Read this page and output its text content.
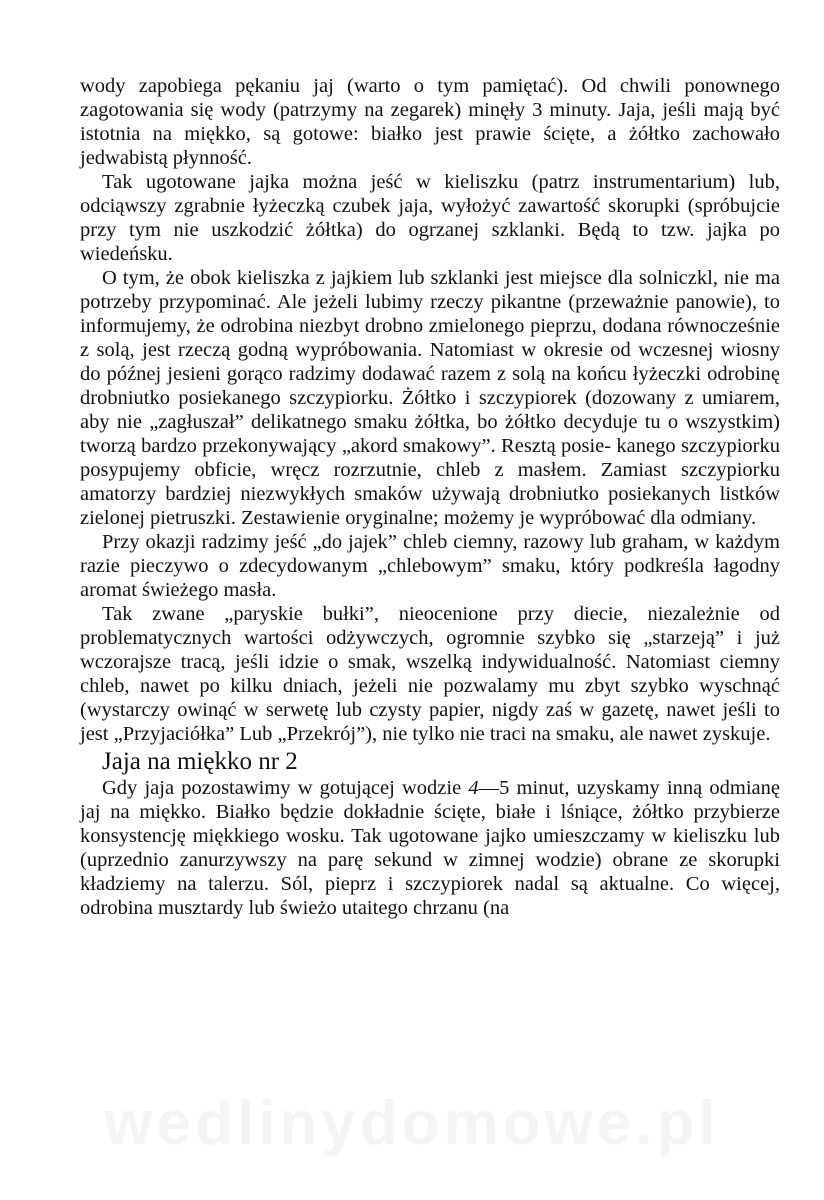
wody zapobiega pękaniu jaj (warto o tym pamiętać). Od chwili ponownego zagotowania się wody (patrzymy na zegarek) minęły 3 minuty. Jaja, jeśli mają być istotnia na miękko, są gotowe: białko jest prawie ścięte, a żółtko zachowało jedwabistą płynność.

Tak ugotowane jajka można jeść w kieliszku (patrz instrumentarium) lub, odciąwszy zgrabnie łyżeczką czubek jaja, wyłożyć zawartość skorupki (spróbujcie przy tym nie uszkodzić żółtka) do ogrzanej szklanki. Będą to tzw. jajka po wiedeńsku.

O tym, że obok kieliszka z jajkiem lub szklanki jest miejsce dla solniczkl, nie ma potrzeby przypominać. Ale jeżeli lubimy rzeczy pikantne (przeważnie panowie), to informujemy, że odrobina niezbyt drobno zmielonego pieprzu, dodana równocześnie z solą, jest rzeczą godną wypróbowania. Natomiast w okresie od wczesnej wiosny do późnej jesieni gorąco radzimy dodawać razem z solą na końcu łyżeczki odrobinę drobniutko posiekanego szczypiorku. Żółtko i szczypiorek (dozowany z umiarem, aby nie „zagłuszał” delikatnego smaku żółtka, bo żółtko decyduje tu o wszystkim) tworzą bardzo przekonywający „akord smakowy”. Resztą posie- kanego szczypiorku posypujemy obficie, wręcz rozrzutnie, chleb z masłem. Zamiast szczypiorku amatorzy bardziej niezwykłych smaków używają drobniutko posiekanych listków zielonej pietruszki. Zestawienie oryginalne; możemy je wypróbować dla odmiany.

Przy okazji radzimy jeść „do jajek” chleb ciemny, razowy lub graham, w każdym razie pieczywo o zdecydowanym „chlebowym” smaku, który podkreśla łagodny aromat świeżego masła.

Tak zwane „paryskie bułki”, nieocenione przy diecie, niezależnie od problematycznych wartości odżywczych, ogromnie szybko się „starzeją” i już wczorajsze tracą, jeśli idzie o smak, wszelką indywidualność. Natomiast ciemny chleb, nawet po kilku dniach, jeżeli nie pozwalamy mu zbyt szybko wyschnąć (wystarczy owinąć w serwetę lub czysty papier, nigdy zaś w gazetę, nawet jeśli to jest „Przyjaciółka” Lub „Przekrój”), nie tylko nie traci na smaku, ale nawet zyskuje.

Jaja na miękko nr 2

Gdy jaja pozostawimy w gotującej wodzie 4—5 minut, uzyskamy inną odmianę jaj na miękko. Białko będzie dokładnie ścięte, białe i lśniące, żółtko przybierze konsystencję miękkiego wosku. Tak ugotowane jajko umieszczamy w kieliszku lub (uprzednio zanurzywszy na parę sekund w zimnej wodzie) obrane ze skorupki kładziemy na talerzu. Sól, pieprz i szczypiorek nadal są aktualne. Co więcej, odrobina musztardy lub świeżo utaitego chrzanu (na

wedlinydomowe.pl
